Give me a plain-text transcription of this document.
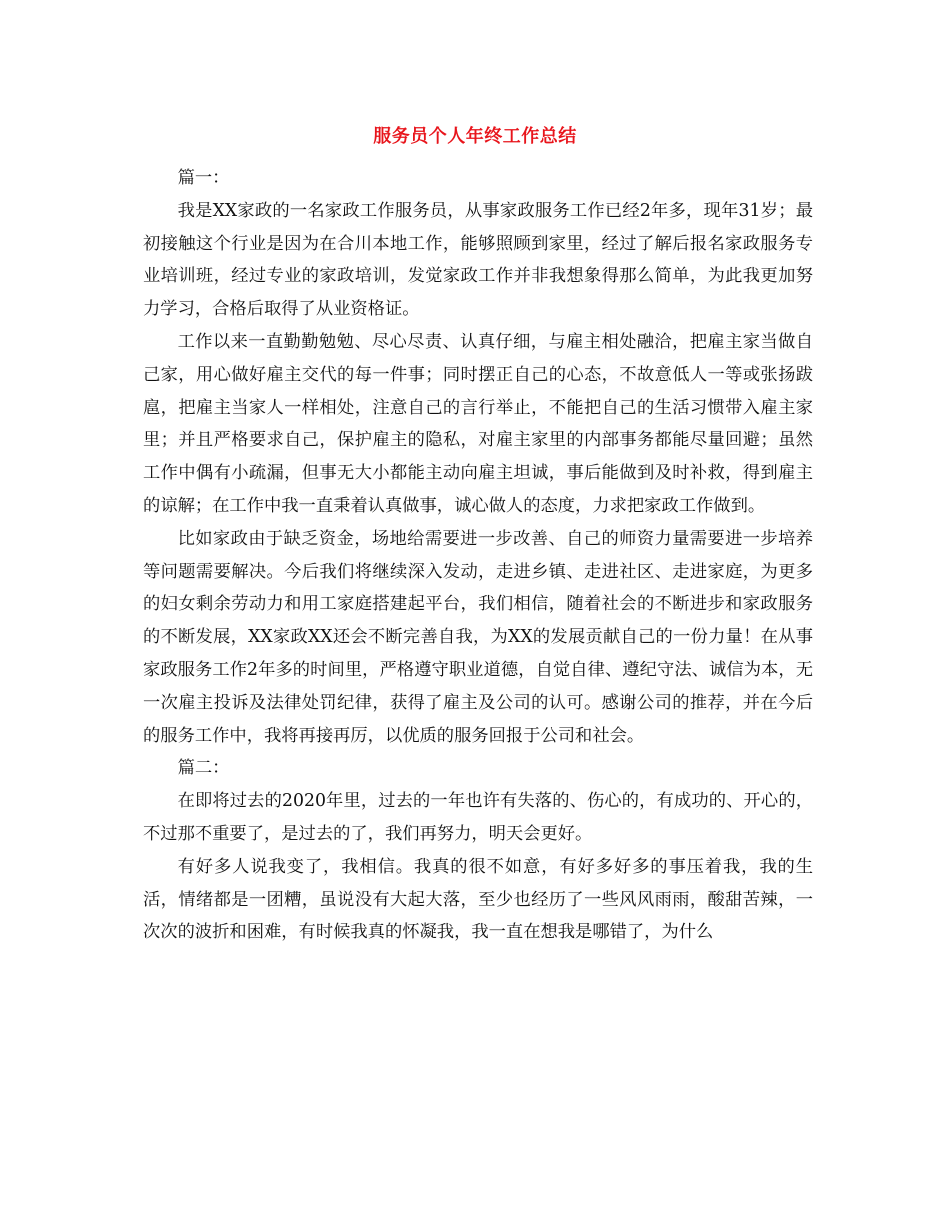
服务员个人年终工作总结

篇一：

我是XX家政的一名家政工作服务员，从事家政服务工作已经2年多，现年31岁；最初接触这个行业是因为在合川本地工作，能够照顾到家里，经过了解后报名家政服务专业培训班，经过专业的家政培训，发觉家政工作并非我想象得那么简单，为此我更加努力学习，合格后取得了从业资格证。

工作以来一直勤勤勉勉、尽心尽责、认真仔细，与雇主相处融洽，把雇主家当做自己家，用心做好雇主交代的每一件事；同时摆正自己的心态，不故意低人一等或张扬跋扈，把雇主当家人一样相处，注意自己的言行举止，不能把自己的生活习惯带入雇主家里；并且严格要求自己，保护雇主的隐私，对雇主家里的内部事务都能尽量回避；虽然工作中偶有小疏漏，但事无大小都能主动向雇主坦诚，事后能做到及时补救，得到雇主的谅解；在工作中我一直秉着认真做事，诚心做人的态度，力求把家政工作做到。

比如家政由于缺乏资金，场地给需要进一步改善、自己的师资力量需要进一步培养等问题需要解决。今后我们将继续深入发动，走进乡镇、走进社区、走进家庭，为更多的妇女剩余劳动力和用工家庭搭建起平台，我们相信，随着社会的不断进步和家政服务的不断发展，XX家政XX还会不断完善自我，为XX的发展贡献自己的一份力量！在从事家政服务工作2年多的时间里，严格遵守职业道德，自觉自律、遵纪守法、诚信为本，无一次雇主投诉及法律处罚纪律，获得了雇主及公司的认可。感谢公司的推荐，并在今后的服务工作中，我将再接再厉，以优质的服务回报于公司和社会。

篇二：

在即将过去的2020年里，过去的一年也许有失落的、伤心的，有成功的、开心的，不过那不重要了，是过去的了，我们再努力，明天会更好。

有好多人说我变了，我相信。我真的很不如意，有好多好多的事压着我，我的生活，情绪都是一团糟，虽说没有大起大落，至少也经历了一些风风雨雨，酸甜苦辣，一次次的波折和困难，有时候我真的怀凝我，我一直在想我是哪错了，为什么
